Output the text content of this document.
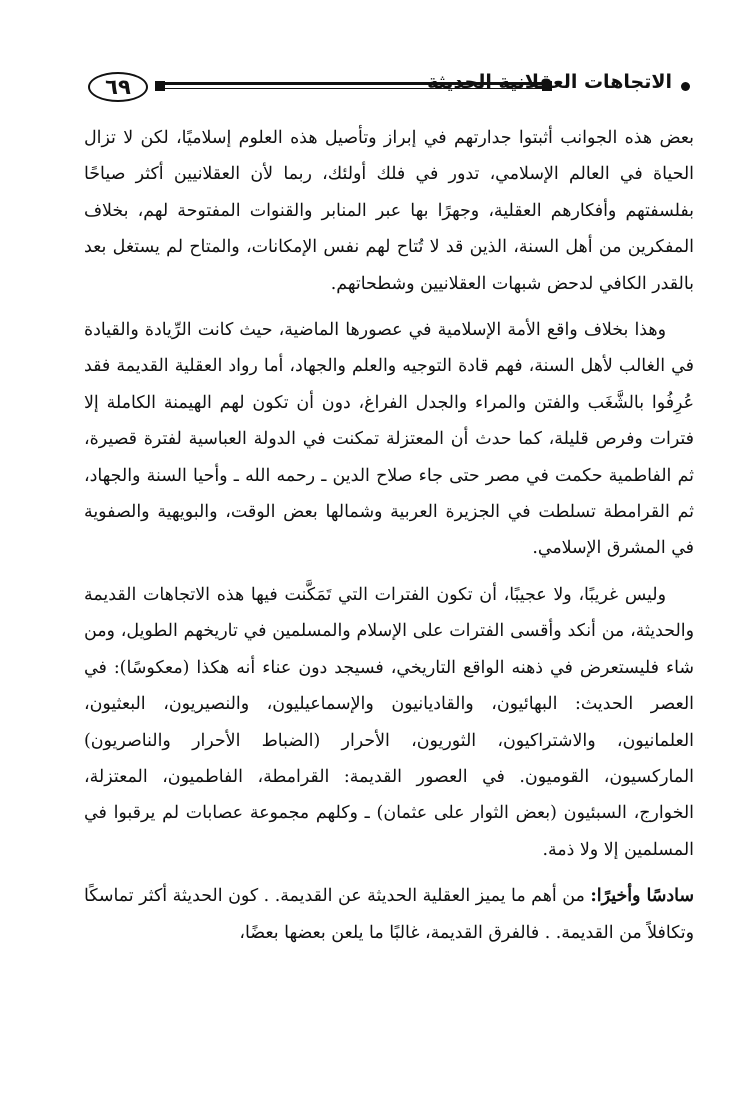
٦٩	الاتجاهات العقلانية الحديثة

بعض هذه الجوانب أثبتوا جدارتهم في إبراز وتأصيل هذه العلوم إسلاميًا، لكن لا تزال الحياة في العالم الإسلامي، تدور في فلك أولئك، ربما لأن العقلانيين أكثر صياحًا بفلسفتهم وأفكارهم العقلية، وجهرًا بها عبر المنابر والقنوات المفتوحة لهم، بخلاف المفكرين من أهل السنة، الذين قد لا تُتاح لهم نفس الإمكانات، والمتاح لم يستغل بعد بالقدر الكافي لدحض شبهات العقلانيين وشطحاتهم.

وهذا بخلاف واقع الأمة الإسلامية في عصورها الماضية، حيث كانت الرِّيادة والقيادة في الغالب لأهل السنة، فهم قادة التوجيه والعلم والجهاد، أما رواد العقلية القديمة فقد عُرِفُوا بالشَّغَب والفتن والمراء والجدل الفراغ، دون أن تكون لهم الهيمنة الكاملة إلا فترات وفرص قليلة، كما حدث أن المعتزلة تمكنت في الدولة العباسية لفترة قصيرة، ثم الفاطمية حكمت في مصر حتى جاء صلاح الدين ـ رحمه الله ـ وأحيا السنة والجهاد، ثم القرامطة تسلطت في الجزيرة العربية وشمالها بعض الوقت، والبويهية والصفوية في المشرق الإسلامي.

وليس غريبًا، ولا عجيبًا، أن تكون الفترات التي تَمَكَّنت فيها هذه الاتجاهات القديمة والحديثة، من أنكد وأقسى الفترات على الإسلام والمسلمين في تاريخهم الطويل، ومن شاء فليستعرض في ذهنه الواقع التاريخي، فسيجد دون عناء أنه هكذا (معكوسًا): في العصر الحديث: البهائيون، والقاديانيون والإسماعيليون، والنصيريون، البعثيون، العلمانيون، والاشتراكيون، الثوريون، الأحرار (الضباط الأحرار والناصريون) الماركسيون، القوميون. في العصور القديمة: القرامطة، الفاطميون، المعتزلة، الخوارج، السبئيون (بعض الثوار على عثمان) ـ وكلهم مجموعة عصابات لم يرقبوا في المسلمين إلا ولا ذمة.

سادسًا وأخيرًا: من أهم ما يميز العقلية الحديثة عن القديمة. . كون الحديثة أكثر تماسكًا وتكافلاً من القديمة. . فالفرق القديمة، غالبًا ما يلعن بعضها بعضًا،
